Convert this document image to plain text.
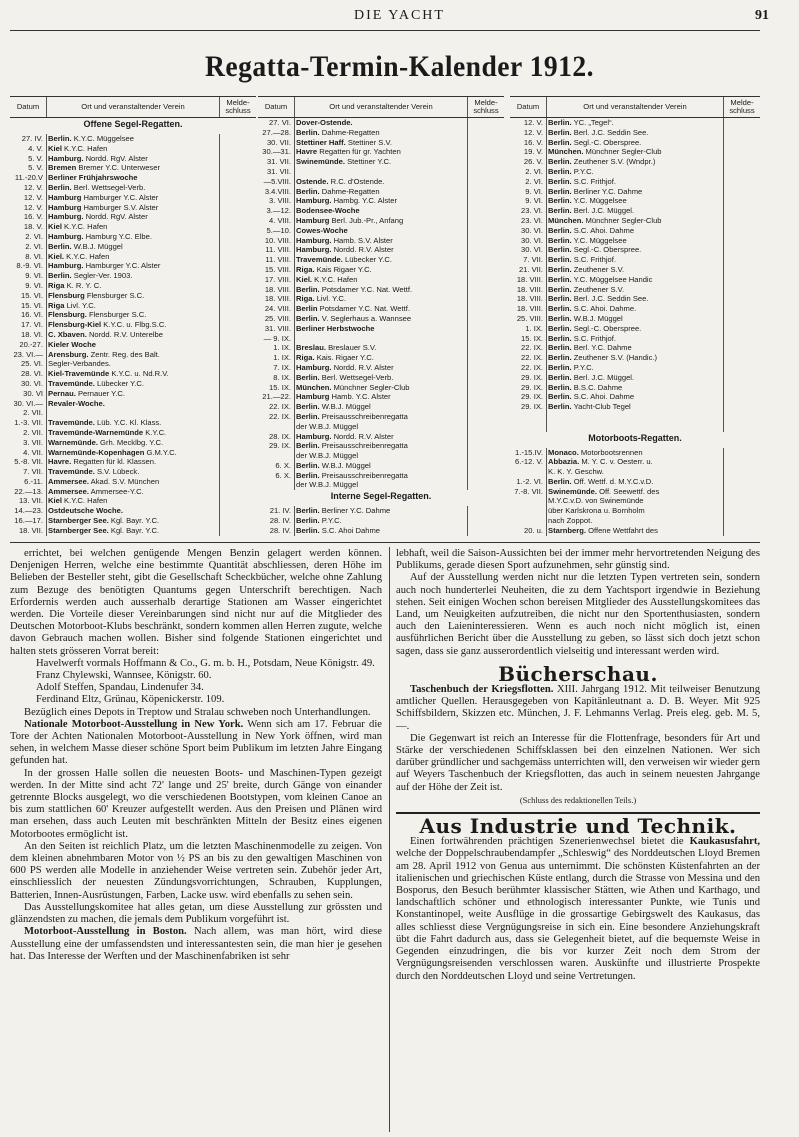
DIE YACHT	91
Regatta-Termin-Kalender 1912.
Datum	Ort und veranstaltender Verein	Melde-
schluss
Offene Segel-Regatten.		
27. IV.	Berlin. K.Y.C. Müggelsee	
4. V.	Kiel K.Y.C. Hafen	
5. V.	Hamburg. Nordd. RgV. Alster	
5. V.	Bremen Bremer Y.C. Unterweser	
11.-20.V	Berliner Frühjahrswoche	
12. V.	Berlin. Berl. Wettsegel-Verb.	
12. V.	Hamburg Hamburger Y.C. Alster	
12. V.	Hamburg Hamburger S.V. Alster	
16. V.	Hamburg. Nordd. RgV. Alster	
18. V.	Kiel K.Y.C. Hafen	
2. VI.	Hamburg. Hamburg Y.C. Elbe.	
2. VI.	Berlin. W.B.J. Müggel	
8. VI.	Kiel. K.Y.C. Hafen	
8.-9. VI.	Hamburg. Hamburger Y.C. Alster	
9. VI.	Berlin. Segler-Ver. 1903.	
9. VI.	Riga K. R. Y. C.	
15. VI.	Flensburg Flensburger S.C.	
15. VI.	Riga Livl. Y.C.	
16. VI.	Flensburg. Flensburger S.C.	
17. VI.	Flensburg-Kiel K.Y.C. u. Flbg.S.C.	
18. VI.	C. Xbaven. Nordd. R.V. Unterelbe	
20.-27.	Kieler Woche	
23. VI.—	Arensburg. Zentr. Reg. des Balt.	
25. VI.	Segler-Verbandes.	
28. VI.	Kiel-Travemünde K.Y.C. u. Nd.R.V.	
30. VI.	Travemünde. Lübecker Y.C.	
30. VI	Pernau. Pernauer Y.C.	
30. VI.—	Revaler-Woche.	
2. VII.		
1.-3. VII.	Travemünde. Lüb. Y.C. Kl. Klass.	
2. VII.	Travemünde-Warnemünde K.Y.C.	
3. VII.	Warnemünde. Grh. Mecklbg. Y.C.	
4. VII.	Warnemünde-Kopenhagen G.M.Y.C.	
5.-8. VII.	Havre. Regatten für kl. Klassen.	
7. VII.	Travemünde. S.V. Lübeck.	
6.-11.	Ammersee. Akad. S.V. München	
22.—13.	Ammersee. Ammersee-Y.C.	
13. VII.	Kiel K.Y.C. Hafen	
14.—23.	Ostdeutsche Woche.	
16.—17.	Starnberger See. Kgl. Bayr. Y.C.	
18. VII.	Starnberger See. Kgl. Bayr. Y.C.	

Datum	Ort und veranstaltender Verein	Melde-
schluss
27. VI.	Dover-Ostende.	
27.—28.	Berlin. Dahme-Regatten	
30. VII.	Stettiner Haff. Stettiner S.V.	
30.—31.	Havre Regatten für gr. Yachten	
31. VII.	Swinemünde. Stettiner Y.C.	
31. VII.		
—5.VIII.	Ostende. R.C. d'Ostende.	
3.4.VIII.	Berlin. Dahme-Regatten	
3. VIII.	Hamburg. Hambg. Y.C. Alster	
3.—12.	Bodensee-Woche	
4. VIII.	Hamburg Berl. Jub.-Pr., Anfang	
5.—10.	Cowes-Woche	
10. VIII.	Hamburg. Hamb. S.V. Alster	
11. VIII.	Hamburg. Nordd. R.V. Alster	
11. VIII.	Travemünde. Lübecker Y.C.	
15. VIII.	Riga. Kais Rigaer Y.C.	
17. VIII.	Kiel. K.Y.C. Hafen	
18. VIII.	Berlin. Potsdamer Y.C. Nat. Wettf.	
18. VIII.	Riga. Livl. Y.C.	
24. VIII.	Berlin Potsdamer Y.C. Nat. Wettf.	
25. VIII.	Berlin. V. Seglerhaus a. Wannsee	
31. VIII.	Berliner Herbstwoche	
— 9. IX.		
1. IX.	Breslau. Breslauer S.V.	
1. IX.	Riga. Kais. Rigaer Y.C.	
7. IX.	Hamburg. Nordd. R.V. Alster	
8. IX.	Berlin. Berl. Wettsegel-Verb.	
15. IX.	München. Münchner Segler-Club	
21.—22.	Hamburg Hamb. Y.C. Alster	
22. IX.	Berlin. W.B.J. Müggel	
22. IX.	Berlin. Preisausschreibenregatta	
	der W.B.J. Müggel	
28. IX.	Hamburg. Nordd. R.V. Alster	
29. IX.	Berlin. Preisausschreibenregatta	
	der W.B.J. Müggel	
6. X.	Berlin. W.B.J. Müggel	
6. X.	Berlin. Preisausschreibenregatta	
	der W.B.J. Müggel	
Interne Segel-Regatten.		
21. IV.	Berlin. Berliner Y.C. Dahme	
28. IV.	Berlin. P.Y.C.	
28. IV.	Berlin. S.C. Ahoi Dahme	

Datum	Ort und veranstaltender Verein	Melde-
schluss
12. V.	Berlin. YC. „Tegel“.	
12. V.	Berlin. Berl. J.C. Seddin See.	
16. V.	Berlin. Segl.-C. Oberspree.	
19. V.	München. Münchner Segler-Club	
26. V.	Berlin. Zeuthener S.V. (Wndpr.)	
2. VI.	Berlin. P.Y.C.	
2. VI.	Berlin. S.C. Frithjof.	
9. VI.	Berlin. Berliner Y.C. Dahme	
9. VI.	Berlin. Y.C. Müggelsee	
23. VI.	Berlin. Berl. J.C. Müggel.	
23. VI.	München. Münchner Segler-Club	
30. VI.	Berlin. S.C. Ahoi. Dahme	
30. VI.	Berlin. Y.C. Müggelsee	
30. VI.	Berlin. Segl.-C. Oberspree.	
7. VII.	Berlin. S.C. Frithjof.	
21. VII.	Berlin. Zeuthener S.V.	
18. VIII.	Berlin. Y.C. Müggelsee Handic	
18. VIII.	Berlin. Zeuthener S.V.	
18. VIII.	Berlin. Berl. J.C. Seddin See.	
18. VIII.	Berlin. S.C. Ahoi. Dahme.	
25. VIII.	Berlin. W.B.J. Müggel	
1. IX.	Berlin. Segl.-C. Oberspree.	
15. IX.	Berlin. S.C. Frithjof.	
22. IX.	Berlin. Berl. Y.C. Dahme	
22. IX.	Berlin. Zeuthener S.V. (Handic.)	
22. IX.	Berlin. P.Y.C.	
29. IX.	Berlin. Berl. J.C. Müggel.	
29. IX.	Berlin. B.S.C. Dahme	
29. IX.	Berlin. S.C. Ahoi. Dahme	
29. IX.	Berlin. Yacht-Club Tegel	

Motorboots-Regatten.		
1.-15.IV.	Monaco. Motorbootsrennen	
6.-12. V.	Abbazia. M. Y. C. v. Oesterr. u.	
	K. K. Y. Geschw.	
1.-2. VI.	Berlin. Off. Wettf. d. M.Y.C.v.D.	
7.-8. VII.	Swinemünde. Off. Seewettf. des	
	M.Y.C.v.D. von Swinemünde	
	über Karlskrona u. Bornholm	
	nach Zoppot.	
20. u.	Starnberg. Offene Wettfahrt des	

errichtet, bei welchen genügende Mengen Benzin gelagert werden können. Denjenigen Herren, welche eine bestimmte Quantität abschliessen, deren Höhe im Belieben der Besteller steht, gibt die Gesellschaft Scheckbücher, welche ohne Zahlung zum Bezuge des benötigten Quantums gegen Unterschrift berechtigen. Nach Erfordernis werden auch ausserhalb derartige Stationen am Wasser eingerichtet werden. Die Vorteile dieser Vereinbarungen sind nicht nur auf die Mitglieder des Deutschen Motorboot-Klubs beschränkt, sondern kommen allen Herren zugute, welche davon Gebrauch machen wollen. Bisher sind folgende Stationen eingerichtet und halten stets grösseren Vorrat bereit:

Havelwerft vormals Hoffmann & Co., G. m. b. H., Potsdam, Neue Königstr. 49.

Franz Chylewski, Wannsee, Königstr. 60.

Adolf Steffen, Spandau, Lindenufer 34.

Ferdinand Eltz, Grünau, Köpenickerstr. 109.

Bezüglich eines Depots in Treptow und Stralau schweben noch Unterhandlungen.

Nationale Motorboot-Ausstellung in New York. Wenn sich am 17. Februar die Tore der Achten Nationalen Motorboot-Ausstellung in New York öffnen, wird man sehen, in welchem Masse dieser schöne Sport beim Publikum im letzten Jahre Eingang gefunden hat.

In der grossen Halle sollen die neuesten Boots- und Maschinen-Typen gezeigt werden. In der Mitte sind acht 72' lange und 25' breite, durch Gänge von einander getrennte Blocks ausgelegt, wo die verschiedenen Bootstypen, vom kleinen Canoe an bis zum stattlichen 60' Kreuzer aufgestellt werden. Aus den Preisen und Plänen wird man ersehen, dass auch Leuten mit beschränkten Mitteln der Besitz eines eigenen Motorbootes ermöglicht ist.

An den Seiten ist reichlich Platz, um die letzten Maschinenmodelle zu zeigen. Von dem kleinen abnehmbaren Motor von ½ PS an bis zu den gewaltigen Maschinen von 600 PS werden alle Modelle in anziehender Weise vertreten sein. Zubehör jeder Art, einschliesslich der neuesten Zündungsvorrichtungen, Schrauben, Kupplungen, Batterien, Innen-Ausrüstungen, Farben, Lacke usw. wird ebenfalls zu sehen sein.

Das Ausstellungskomitee hat alles getan, um diese Ausstellung zur grössten und glänzendsten zu machen, die jemals dem Publikum vorgeführt ist.

Motorboot-Ausstellung in Boston. Nach allem, was man hört, wird diese Ausstellung eine der umfassendsten und interessantesten sein, die man hier je gesehen hat. Das Interesse der Werften und der Maschinenfabriken ist sehr

lebhaft, weil die Saison-Aussichten bei der immer mehr hervortretenden Neigung des Publikums, gerade diesen Sport aufzunehmen, sehr günstig sind.

Auf der Ausstellung werden nicht nur die letzten Typen vertreten sein, sondern auch noch hunderterlei Neuheiten, die zu dem Yachtsport irgendwie in Beziehung stehen. Seit einigen Wochen schon bereisen Mitglieder des Ausstellungskomitees das Land, um Neuigkeiten aufzutreiben, die nicht nur den Sportenthusiasten, sondern auch den Laieninteressieren. Wenn es auch noch nicht möglich ist, einen ausführlichen Bericht über die Ausstellung zu geben, so lässt sich doch jetzt schon sagen, dass sie ganz ausserordentlich vielseitig und interessant werden wird.

Bücherschau.

Taschenbuch der Kriegsflotten. XIII. Jahrgang 1912. Mit teilweiser Benutzung amtlicher Quellen. Herausgegeben von Kapitänleutnant a. D. B. Weyer. Mit 925 Schiffsbildern, Skizzen etc. München, J. F. Lehmanns Verlag. Preis eleg. geb. M. 5,—.

Die Gegenwart ist reich an Interesse für die Flottenfrage, besonders für Art und Stärke der verschiedenen Schiffsklassen bei den einzelnen Nationen. Wer sich darüber gründlicher und sachgemäss unterrichten will, den verweisen wir wieder gern auf Weyers Taschenbuch der Kriegsflotten, das auch in seinem neuesten Jahrgange auf der Höhe der Zeit ist.

(Schluss des redaktionellen Teils.)

Aus Industrie und Technik.

Einen fortwährenden prächtigen Szenerienwechsel bietet die Kaukasusfahrt, welche der Doppelschraubendampfer „Schleswig“ des Norddeutschen Lloyd Bremen am 28. April 1912 von Genua aus unternimmt. Die schönsten Küstenfahrten an der italienischen und griechischen Küste entlang, durch die Strasse von Messina und den Bosporus, den Besuch berühmter klassischer Stätten, wie Athen und Karthago, und landschaftlich schöner und ethnologisch interessanter Punkte, wie Tunis und Konstantinopel, weite Ausflüge in die grossartige Gebirgswelt des Kaukasus, das alles schliesst diese Vergnügungsreise in sich ein. Eine besondere Anziehungskraft übt die Fahrt dadurch aus, dass sie Gelegenheit bietet, auf die bequemste Weise in Gegenden einzudringen, die bis vor kurzer Zeit noch dem Strom der Vergnügungsreisenden verschlossen waren. Auskünfte und illustrierte Prospekte durch den Norddeutschen Lloyd und seine Vertretungen.
